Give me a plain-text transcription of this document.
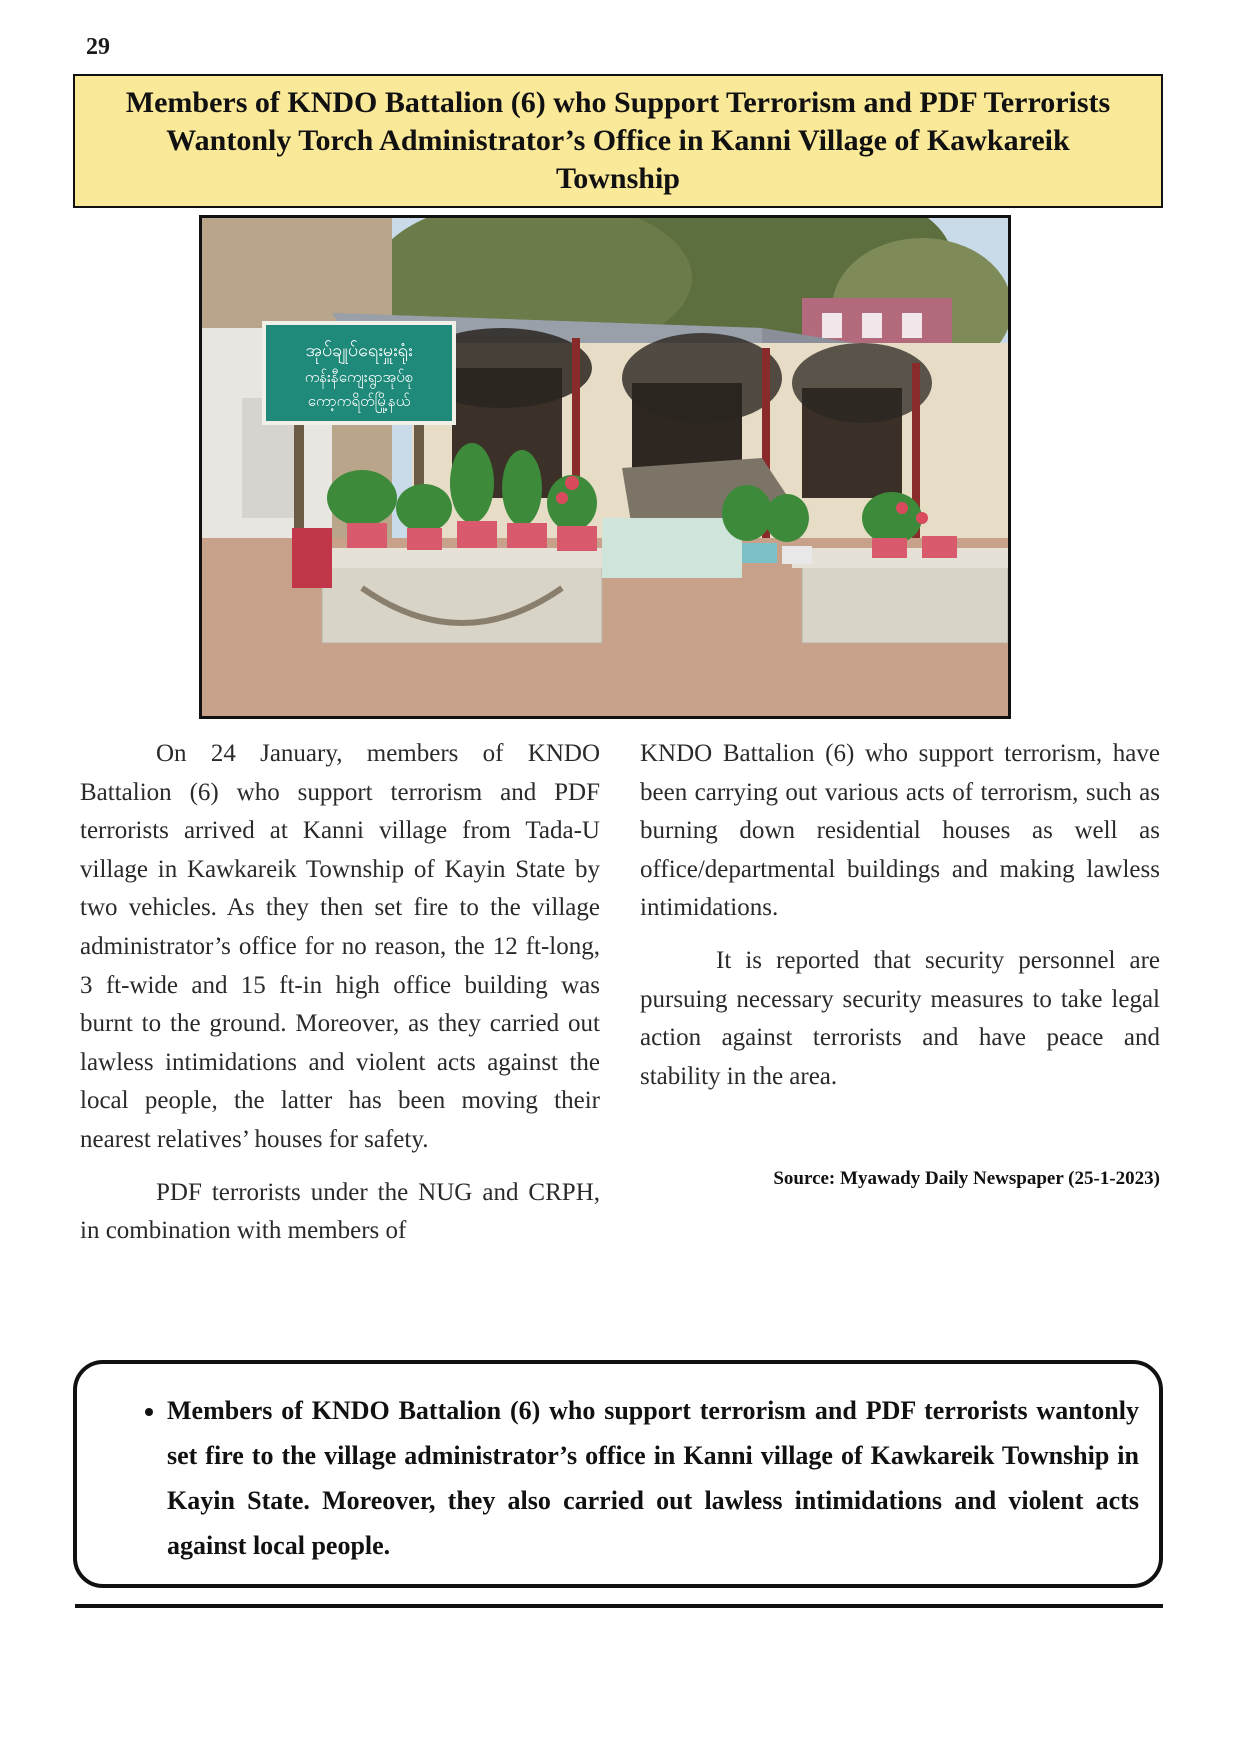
29
Members of KNDO Battalion (6) who Support Terrorism and PDF Terrorists Wantonly Torch Administrator’s Office in Kanni Village of Kawkareik Township
အုပ်ချုပ်ရေးမှူးရုံး
ကန်းနီကျေးရွာအုပ်စု
ကော့ကရိတ်မြို့နယ်

On 24 January, members of KNDO Battalion (6) who support terrorism and PDF terrorists arrived at Kanni village from Tada-U village in Kawkareik Township of Kayin State by two vehicles. As they then set fire to the village administrator’s office for no reason, the 12 ft-long, 3 ft-wide and 15 ft-in high office building was burnt to the ground. Moreover, as they carried out lawless intimidations and violent acts against the local people, the latter has been moving their nearest relatives’ houses for safety.

PDF terrorists under the NUG and CRPH, in combination with members of

KNDO Battalion (6) who support terrorism, have been carrying out various acts of terrorism, such as burning down residential houses as well as office/departmental buildings and making lawless intimidations.

It is reported that security personnel are pursuing necessary security measures to take legal action against terrorists and have peace and stability in the area.

Source: Myawady Daily Newspaper (25-1-2023)
• Members of KNDO Battalion (6) who support terrorism and PDF terrorists wantonly set fire to the village administrator’s office in Kanni village of Kawkareik Township in Kayin State. Moreover, they also carried out lawless intimidations and violent acts against local people.
